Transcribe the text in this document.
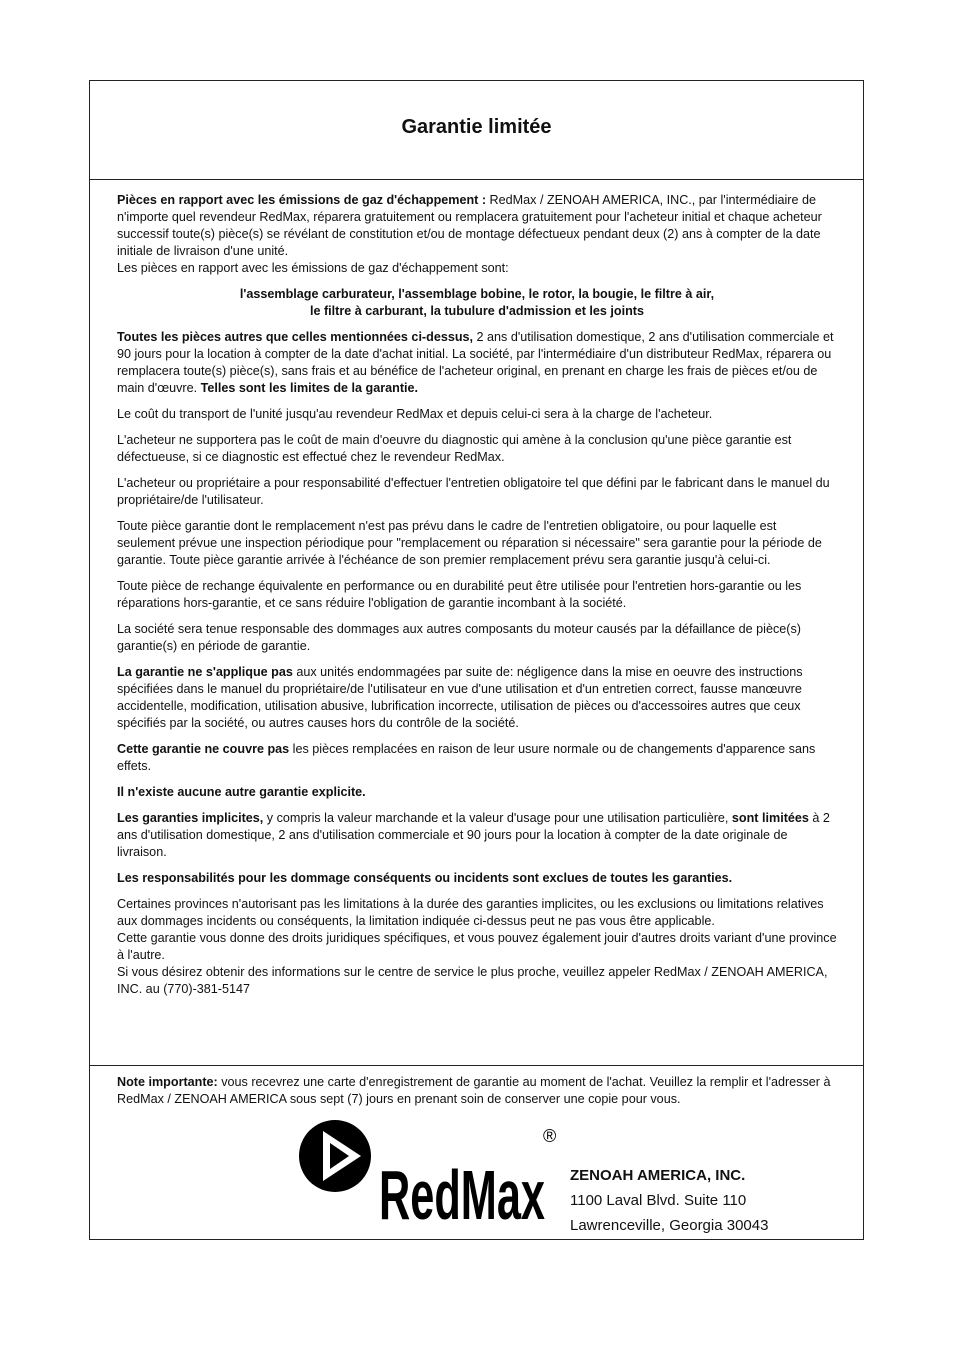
Garantie limitée

Pièces en rapport avec les émissions de gaz d'échappement : RedMax / ZENOAH AMERICA, INC., par l'intermédiaire de n'importe quel revendeur RedMax, réparera gratuitement ou remplacera gratuitement pour l'acheteur initial et chaque acheteur successif toute(s) pièce(s) se révélant de constitution et/ou de montage défectueux pendant deux (2) ans à compter de la date initiale de livraison d'une unité.
Les pièces en rapport avec les émissions de gaz d'échappement sont:

l'assemblage carburateur, l'assemblage bobine, le rotor, la bougie, le filtre à air,
le filtre à carburant, la tubulure d'admission et les joints

Toutes les pièces autres que celles mentionnées ci-dessus, 2 ans d'utilisation domestique, 2 ans d'utilisation commerciale et 90 jours pour la location à compter de la date d'achat initial. La société, par l'intermédiaire d'un distributeur RedMax, réparera ou remplacera toute(s) pièce(s), sans frais et au bénéfice de l'acheteur original, en prenant en charge les frais de pièces et/ou de main d'œuvre. Telles sont les limites de la garantie.

Le coût du transport de l'unité jusqu'au revendeur RedMax et depuis celui-ci sera à la charge de l'acheteur.

L'acheteur ne supportera pas le coût de main d'oeuvre du diagnostic qui amène à la conclusion qu'une pièce garantie est défectueuse, si ce diagnostic est effectué chez le revendeur RedMax.

L'acheteur ou propriétaire a pour responsabilité d'effectuer l'entretien obligatoire tel que défini par le fabricant dans le manuel du propriétaire/de l'utilisateur.

Toute pièce garantie dont le remplacement n'est pas prévu dans le cadre de l'entretien obligatoire, ou pour laquelle est seulement prévue une inspection périodique pour "remplacement ou réparation si nécessaire" sera garantie pour la période de garantie. Toute pièce garantie arrivée à l'échéance de son premier remplacement prévu sera garantie jusqu'à celui-ci.

Toute pièce de rechange équivalente en performance ou en durabilité peut être utilisée pour l'entretien hors-garantie ou les réparations hors-garantie, et ce sans réduire l'obligation de garantie incombant à la société.

La société sera tenue responsable des dommages aux autres composants du moteur causés par la défaillance de pièce(s) garantie(s) en période de garantie.

La garantie ne s'applique pas aux unités endommagées par suite de: négligence dans la mise en oeuvre des instructions spécifiées dans le manuel du propriétaire/de l'utilisateur en vue d'une utilisation et d'un entretien correct, fausse manœuvre accidentelle, modification, utilisation abusive, lubrification incorrecte, utilisation de pièces ou d'accessoires autres que ceux spécifiés par la société, ou autres causes hors du contrôle de la société.

Cette garantie ne couvre pas les pièces remplacées en raison de leur usure normale ou de changements d'apparence sans effets.

Il n'existe aucune autre garantie explicite.

Les garanties implicites, y compris la valeur marchande et la valeur d'usage pour une utilisation particulière, sont limitées à 2 ans d'utilisation domestique, 2 ans d'utilisation commerciale et 90 jours pour la location à compter de la date originale de livraison.

Les responsabilités pour les dommage conséquents ou incidents sont exclues de toutes les garanties.

Certaines provinces n'autorisant pas les limitations à la durée des garanties implicites, ou les exclusions ou limitations relatives aux dommages incidents ou conséquents, la limitation indiquée ci-dessus peut ne pas vous être applicable.
Cette garantie vous donne des droits juridiques spécifiques, et vous pouvez également jouir d'autres droits variant d'une province à l'autre.
Si vous désirez obtenir des informations sur le centre de service le plus proche, veuillez appeler RedMax / ZENOAH AMERICA, INC. au (770)-381-5147

Note importante: vous recevrez une carte d'enregistrement de garantie au moment de l'achat. Veuillez la remplir et l'adresser à RedMax / ZENOAH AMERICA sous sept (7) jours en prenant soin de conserver une copie pour vous.

RedMax
®
ZENOAH AMERICA, INC.
1100 Laval Blvd. Suite 110
Lawrenceville, Georgia 30043
